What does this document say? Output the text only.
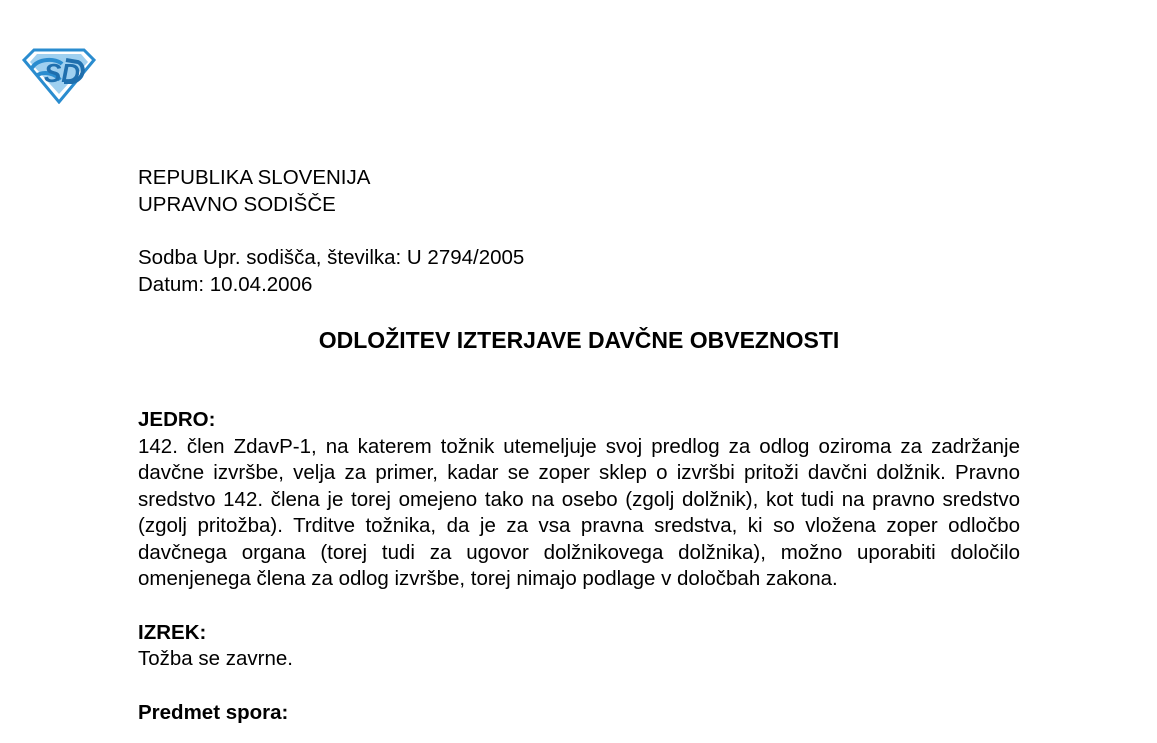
SD
REPUBLIKA SLOVENIJA
UPRAVNO SODIŠČE
Sodba Upr. sodišča, številka: U 2794/2005
Datum: 10.04.2006
ODLOŽITEV IZTERJAVE DAVČNE OBVEZNOSTI
JEDRO:
142. člen ZdavP-1, na katerem tožnik utemeljuje svoj predlog za odlog oziroma za zadržanje davčne izvršbe, velja za primer, kadar se zoper sklep o izvršbi pritoži davčni dolžnik. Pravno sredstvo 142. člena je torej omejeno tako na osebo (zgolj dolžnik), kot tudi na pravno sredstvo (zgolj pritožba). Trditve tožnika, da je za vsa pravna sredstva, ki so vložena zoper odločbo davčnega organa (torej tudi za ugovor dolžnikovega dolžnika), možno uporabiti določilo omenjenega člena za odlog izvršbe, torej nimajo podlage v določbah zakona.
IZREK:
Tožba se zavrne.
Predmet spora:
